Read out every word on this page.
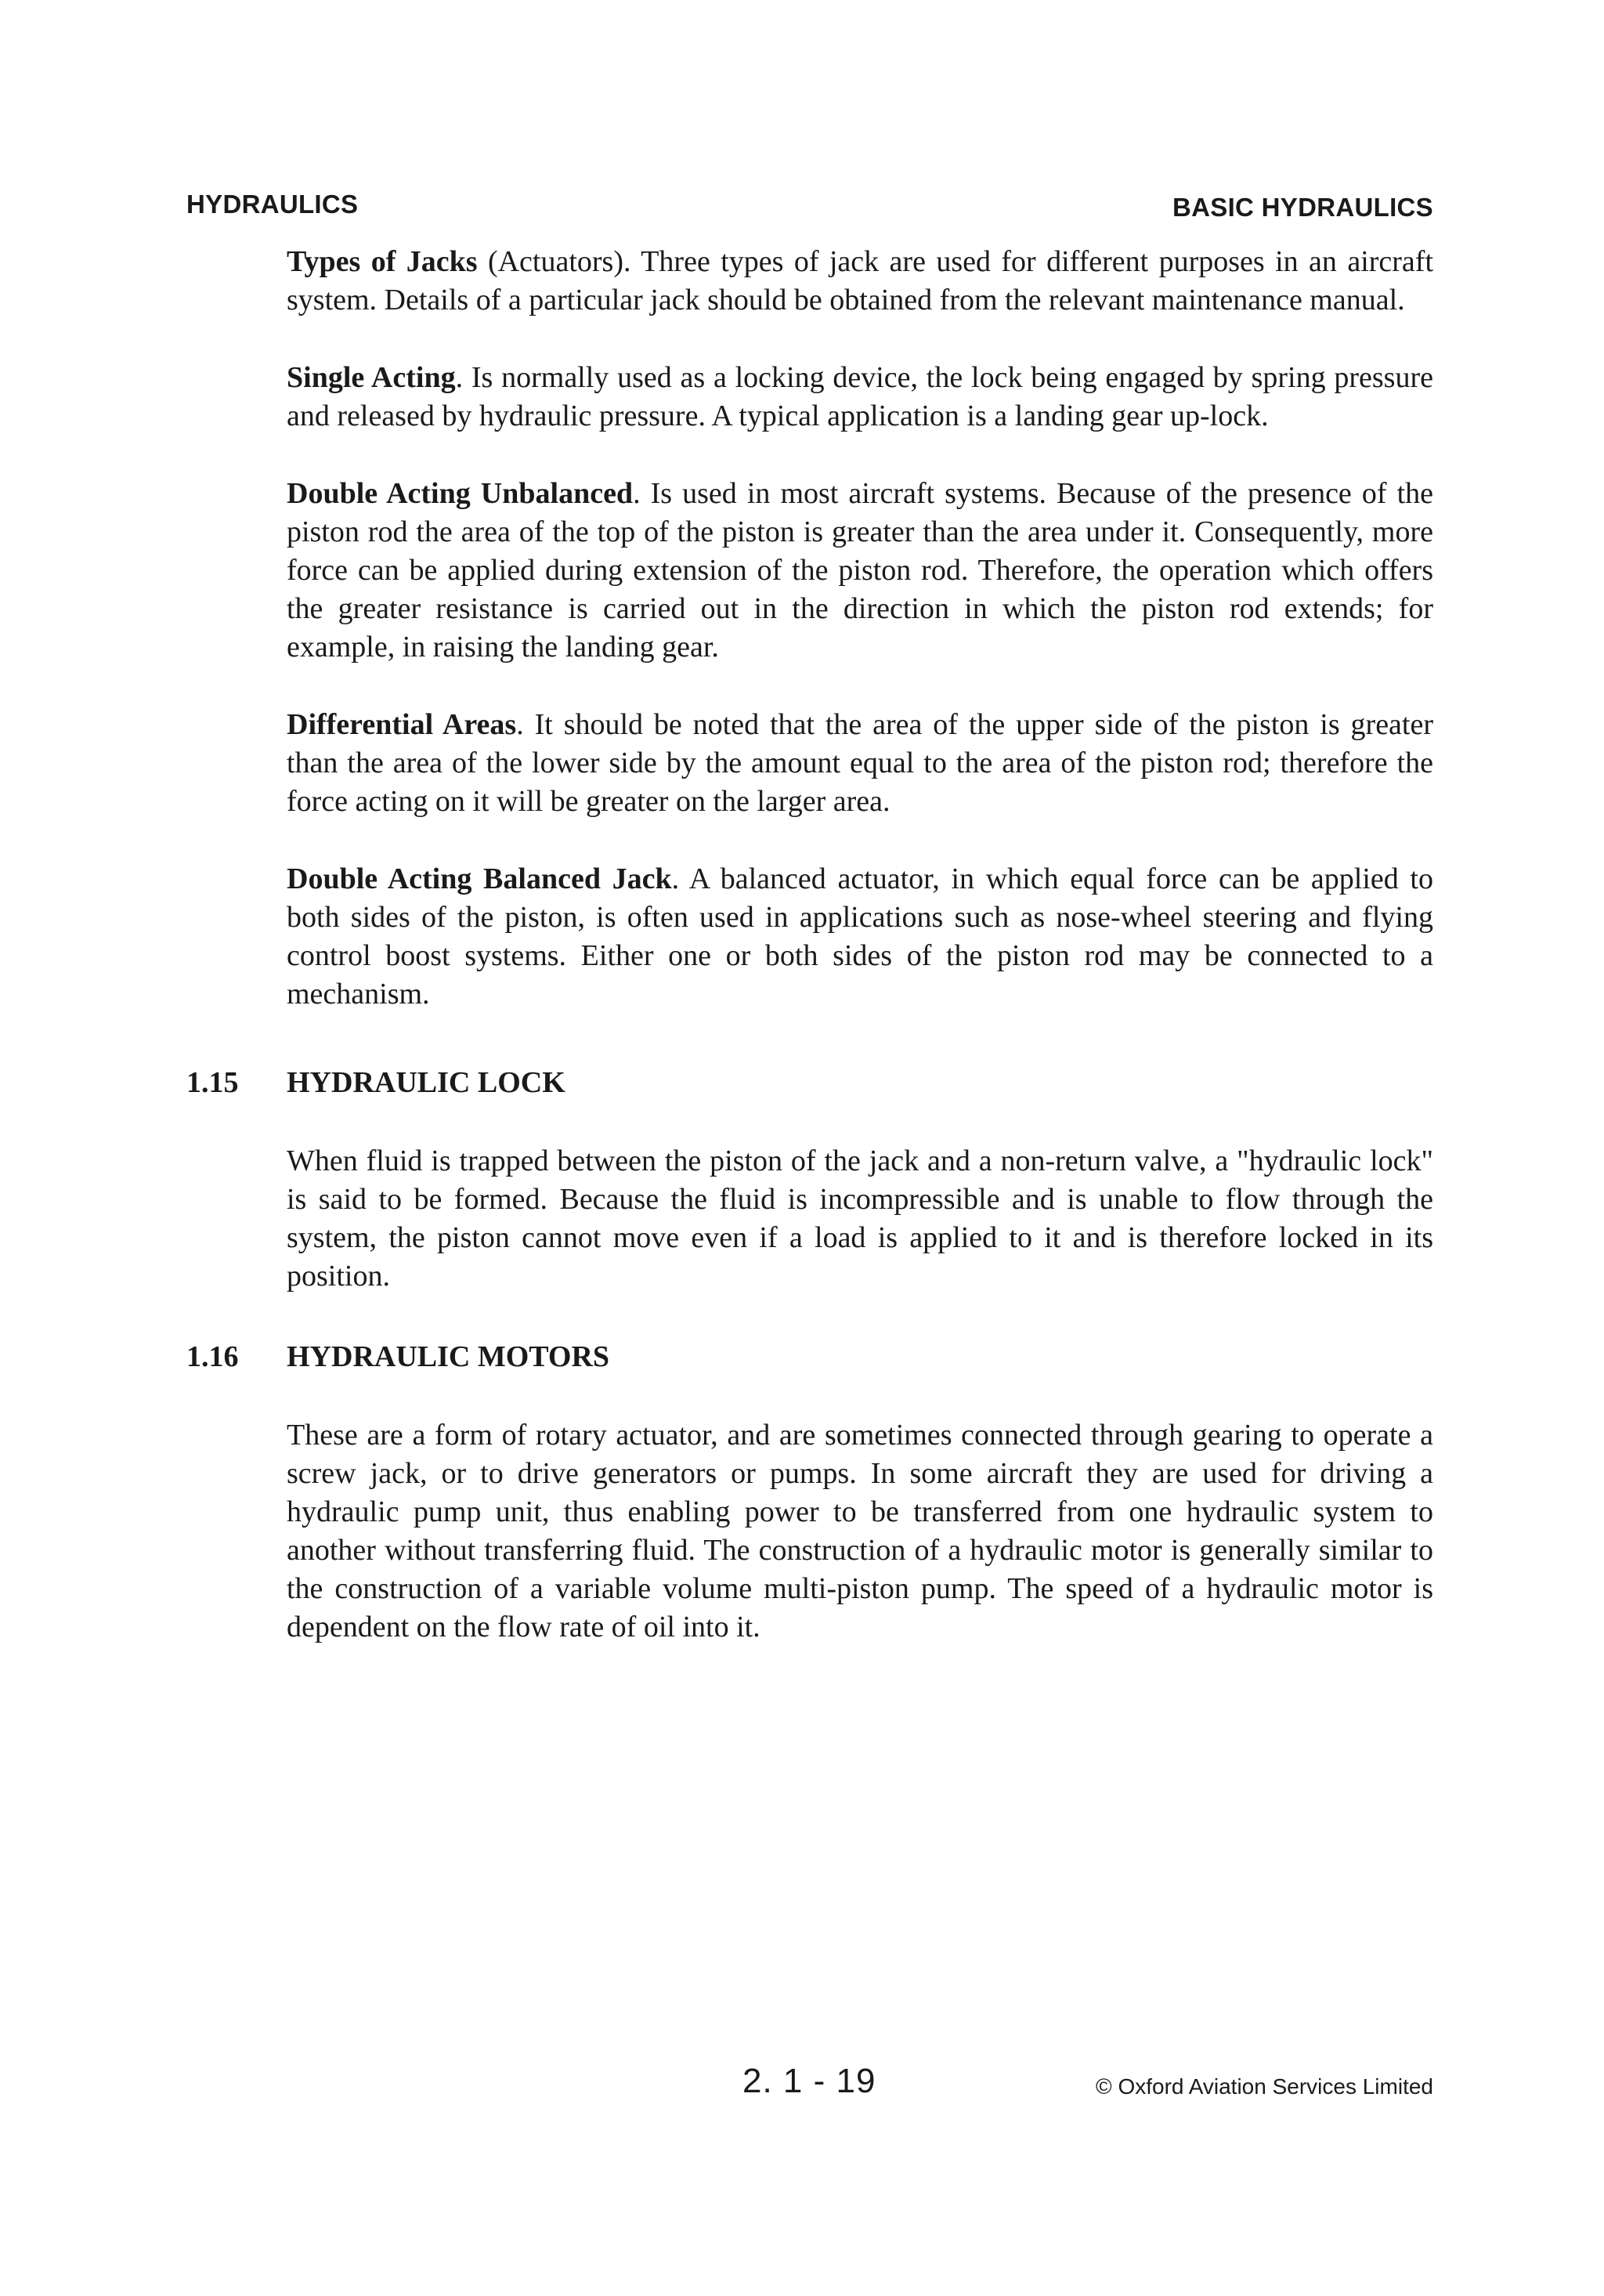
HYDRAULICS	BASIC HYDRAULICS

Types of Jacks (Actuators). Three types of jack are used for different purposes in an aircraft system. Details of a particular jack should be obtained from the relevant maintenance manual.

Single Acting. Is normally used as a locking device, the lock being engaged by spring pressure and released by hydraulic pressure. A typical application is a landing gear up-lock.

Double Acting Unbalanced. Is used in most aircraft systems. Because of the presence of the piston rod the area of the top of the piston is greater than the area under it. Consequently, more force can be applied during extension of the piston rod. Therefore, the operation which offers the greater resistance is carried out in the direction in which the piston rod extends; for example, in raising the landing gear.

Differential Areas. It should be noted that the area of the upper side of the piston is greater than the area of the lower side by the amount equal to the area of the piston rod; therefore the force acting on it will be greater on the larger area.

Double Acting Balanced Jack. A balanced actuator, in which equal force can be applied to both sides of the piston, is often used in applications such as nose-wheel steering and flying control boost systems. Either one or both sides of the piston rod may be connected to a mechanism.

1.15 HYDRAULIC LOCK

When fluid is trapped between the piston of the jack and a non-return valve, a "hydraulic lock" is said to be formed. Because the fluid is incompressible and is unable to flow through the system, the piston cannot move even if a load is applied to it and is therefore locked in its position.

1.16 HYDRAULIC MOTORS

These are a form of rotary actuator, and are sometimes connected through gearing to operate a screw jack, or to drive generators or pumps. In some aircraft they are used for driving a hydraulic pump unit, thus enabling power to be transferred from one hydraulic system to another without transferring fluid. The construction of a hydraulic motor is generally similar to the construction of a variable volume multi-piston pump. The speed of a hydraulic motor is dependent on the flow rate of oil into it.

2. 1 - 19	© Oxford Aviation Services Limited
